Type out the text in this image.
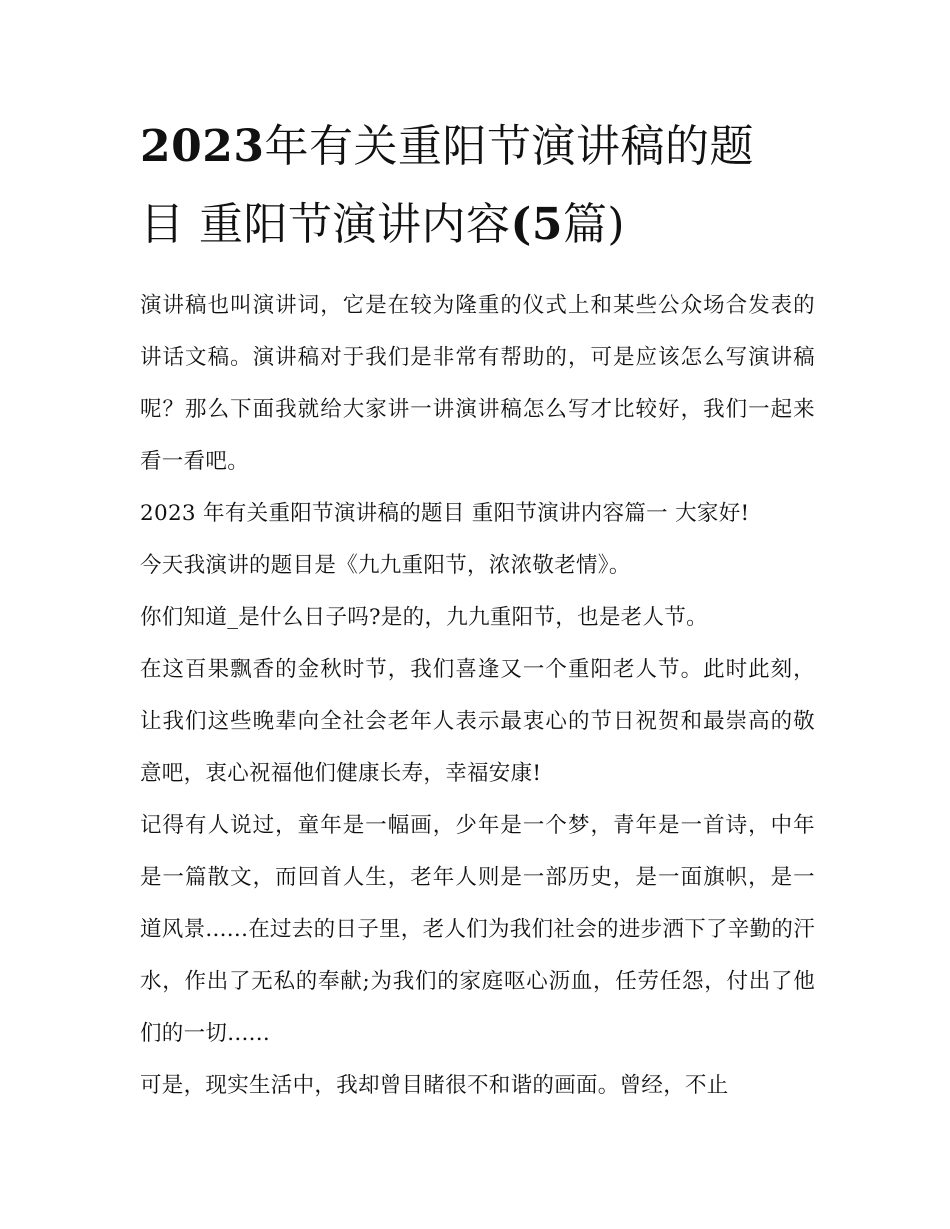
2023年有关重阳节演讲稿的题
目 重阳节演讲内容(5篇)

演讲稿也叫演讲词，它是在较为隆重的仪式上和某些公众场合发表的讲话文稿。演讲稿对于我们是非常有帮助的，可是应该怎么写演讲稿呢？那么下面我就给大家讲一讲演讲稿怎么写才比较好，我们一起来看一看吧。

2023 年有关重阳节演讲稿的题目 重阳节演讲内容篇一 大家好!

今天我演讲的题目是《九九重阳节，浓浓敬老情》。

你们知道_是什么日子吗?是的，九九重阳节，也是老人节。

在这百果飘香的金秋时节，我们喜逢又一个重阳老人节。此时此刻，让我们这些晚辈向全社会老年人表示最衷心的节日祝贺和最崇高的敬意吧，衷心祝福他们健康长寿，幸福安康!

记得有人说过，童年是一幅画，少年是一个梦，青年是一首诗，中年是一篇散文，而回首人生，老年人则是一部历史，是一面旗帜，是一道风景......在过去的日子里，老人们为我们社会的进步洒下了辛勤的汗水，作出了无私的奉献;为我们的家庭呕心沥血，任劳任怨，付出了他们的一切......

可是，现实生活中，我却曾目睹很不和谐的画面。曾经，不止
